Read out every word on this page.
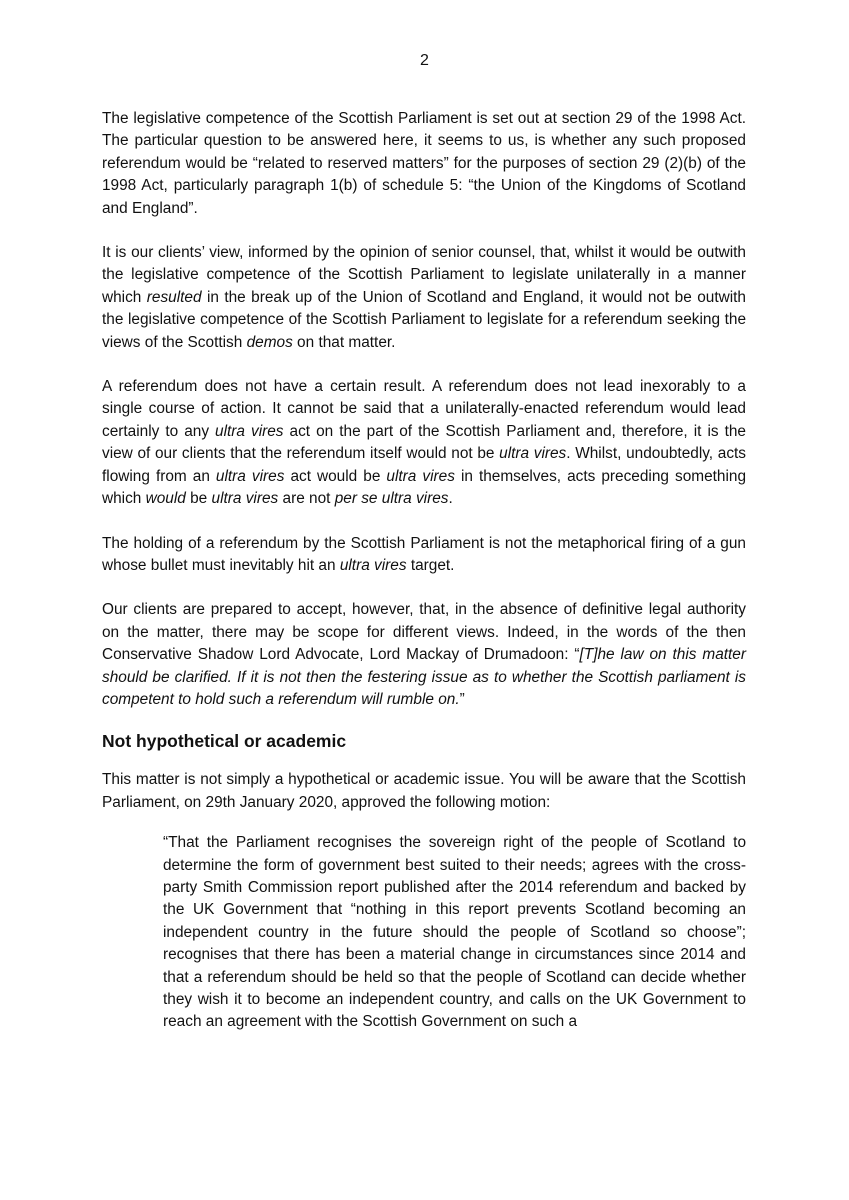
2

The legislative competence of the Scottish Parliament is set out at section 29 of the 1998 Act. The particular question to be answered here, it seems to us, is whether any such proposed referendum would be “related to reserved matters” for the purposes of section 29 (2)(b) of the 1998 Act, particularly paragraph 1(b) of schedule 5: “the Union of the Kingdoms of Scotland and England”.

It is our clients’ view, informed by the opinion of senior counsel, that, whilst it would be outwith the legislative competence of the Scottish Parliament to legislate unilaterally in a manner which resulted in the break up of the Union of Scotland and England, it would not be outwith the legislative competence of the Scottish Parliament to legislate for a referendum seeking the views of the Scottish demos on that matter.

A referendum does not have a certain result. A referendum does not lead inexorably to a single course of action. It cannot be said that a unilaterally-enacted referendum would lead certainly to any ultra vires act on the part of the Scottish Parliament and, therefore, it is the view of our clients that the referendum itself would not be ultra vires. Whilst, undoubtedly, acts flowing from an ultra vires act would be ultra vires in themselves, acts preceding something which would be ultra vires are not per se ultra vires.

The holding of a referendum by the Scottish Parliament is not the metaphorical firing of a gun whose bullet must inevitably hit an ultra vires target.

Our clients are prepared to accept, however, that, in the absence of definitive legal authority on the matter, there may be scope for different views. Indeed, in the words of the then Conservative Shadow Lord Advocate, Lord Mackay of Drumadoon: “[T]he law on this matter should be clarified. If it is not then the festering issue as to whether the Scottish parliament is competent to hold such a referendum will rumble on.”

Not hypothetical or academic

This matter is not simply a hypothetical or academic issue. You will be aware that the Scottish Parliament, on 29th January 2020, approved the following motion:

“That the Parliament recognises the sovereign right of the people of Scotland to determine the form of government best suited to their needs; agrees with the cross-party Smith Commission report published after the 2014 referendum and backed by the UK Government that “nothing in this report prevents Scotland becoming an independent country in the future should the people of Scotland so choose”; recognises that there has been a material change in circumstances since 2014 and that a referendum should be held so that the people of Scotland can decide whether they wish it to become an independent country, and calls on the UK Government to reach an agreement with the Scottish Government on such a
